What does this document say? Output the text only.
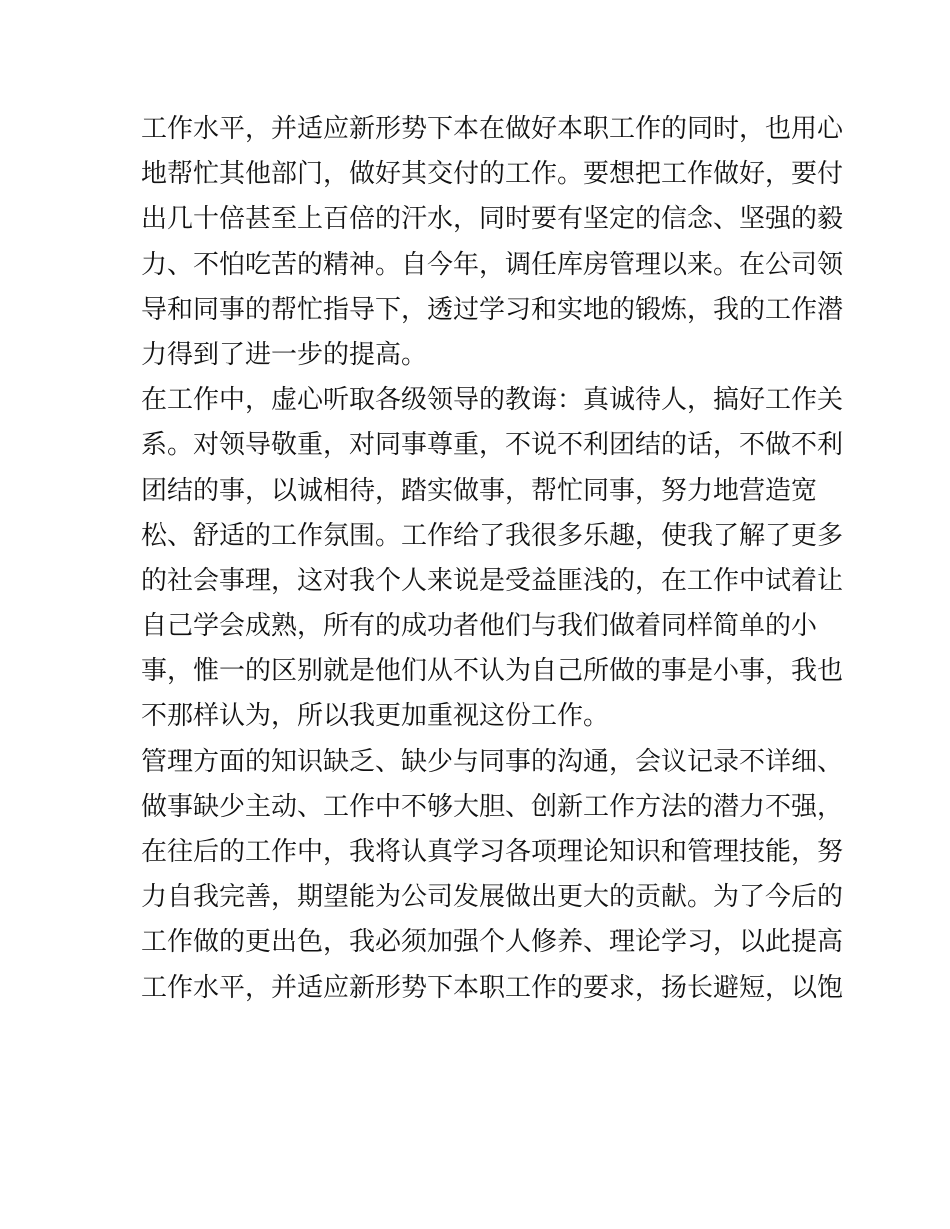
工作水平，并适应新形势下本在做好本职工作的同时，也用心
地帮忙其他部门，做好其交付的工作。要想把工作做好，要付
出几十倍甚至上百倍的汗水，同时要有坚定的信念、坚强的毅
力、不怕吃苦的精神。自今年，调任库房管理以来。在公司领
导和同事的帮忙指导下，透过学习和实地的锻炼，我的工作潜
力得到了进一步的提高。
在工作中，虚心听取各级领导的教诲：真诚待人，搞好工作关
系。对领导敬重，对同事尊重，不说不利团结的话，不做不利
团结的事，以诚相待，踏实做事，帮忙同事，努力地营造宽
松、舒适的工作氛围。工作给了我很多乐趣，使我了解了更多
的社会事理，这对我个人来说是受益匪浅的，在工作中试着让
自己学会成熟，所有的成功者他们与我们做着同样简单的小
事，惟一的区别就是他们从不认为自己所做的事是小事，我也
不那样认为，所以我更加重视这份工作。
管理方面的知识缺乏、缺少与同事的沟通，会议记录不详细、
做事缺少主动、工作中不够大胆、创新工作方法的潜力不强，
在往后的工作中，我将认真学习各项理论知识和管理技能，努
力自我完善，期望能为公司发展做出更大的贡献。为了今后的
工作做的更出色，我必须加强个人修养、理论学习，以此提高
工作水平，并适应新形势下本职工作的要求，扬长避短，以饱
